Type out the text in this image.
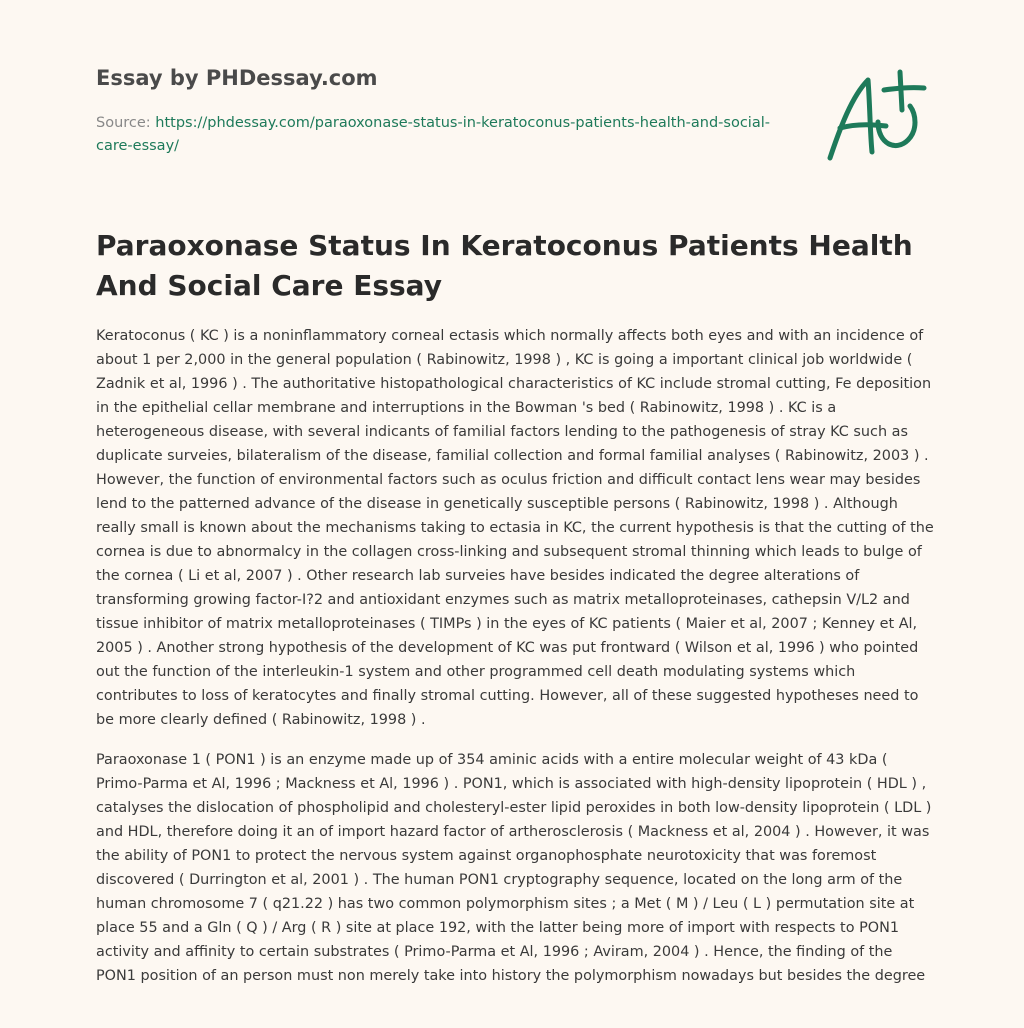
Essay by PHDessay.com
Source: https://phdessay.com/paraoxonase-status-in-keratoconus-patients-health-and-social-care-essay/
Paraoxonase Status In Keratoconus Patients Health And Social Care Essay

Keratoconus ( KC ) is a noninflammatory corneal ectasis which normally affects both eyes and with an incidence of about 1 per 2,000 in the general population ( Rabinowitz, 1998 ) , KC is going a important clinical job worldwide ( Zadnik et al, 1996 ) . The authoritative histopathological characteristics of KC include stromal cutting, Fe deposition in the epithelial cellar membrane and interruptions in the Bowman 's bed ( Rabinowitz, 1998 ) . KC is a heterogeneous disease, with several indicants of familial factors lending to the pathogenesis of stray KC such as duplicate surveies, bilateralism of the disease, familial collection and formal familial analyses ( Rabinowitz, 2003 ) . However, the function of environmental factors such as oculus friction and difficult contact lens wear may besides lend to the patterned advance of the disease in genetically susceptible persons ( Rabinowitz, 1998 ) . Although really small is known about the mechanisms taking to ectasia in KC, the current hypothesis is that the cutting of the cornea is due to abnormalcy in the collagen cross-linking and subsequent stromal thinning which leads to bulge of the cornea ( Li et al, 2007 ) . Other research lab surveies have besides indicated the degree alterations of transforming growing factor-I?2 and antioxidant enzymes such as matrix metalloproteinases, cathepsin V/L2 and tissue inhibitor of matrix metalloproteinases ( TIMPs ) in the eyes of KC patients ( Maier et al, 2007 ; Kenney et Al, 2005 ) . Another strong hypothesis of the development of KC was put frontward ( Wilson et al, 1996 ) who pointed out the function of the interleukin-1 system and other programmed cell death modulating systems which contributes to loss of keratocytes and finally stromal cutting. However, all of these suggested hypotheses need to be more clearly defined ( Rabinowitz, 1998 ) .

Paraoxonase 1 ( PON1 ) is an enzyme made up of 354 aminic acids with a entire molecular weight of 43 kDa ( Primo-Parma et Al, 1996 ; Mackness et Al, 1996 ) . PON1, which is associated with high-density lipoprotein ( HDL ) , catalyses the dislocation of phospholipid and cholesteryl-ester lipid peroxides in both low-density lipoprotein ( LDL ) and HDL, therefore doing it an of import hazard factor of artherosclerosis ( Mackness et al, 2004 ) . However, it was the ability of PON1 to protect the nervous system against organophosphate neurotoxicity that was foremost discovered ( Durrington et al, 2001 ) . The human PON1 cryptography sequence, located on the long arm of the human chromosome 7 ( q21.22 ) has two common polymorphism sites ; a Met ( M ) / Leu ( L ) permutation site at place 55 and a Gln ( Q ) / Arg ( R ) site at place 192, with the latter being more of import with respects to PON1 activity and affinity to certain substrates ( Primo-Parma et Al, 1996 ; Aviram, 2004 ) . Hence, the finding of the PON1 position of an person must non merely take into history the polymorphism nowadays but besides the degree
